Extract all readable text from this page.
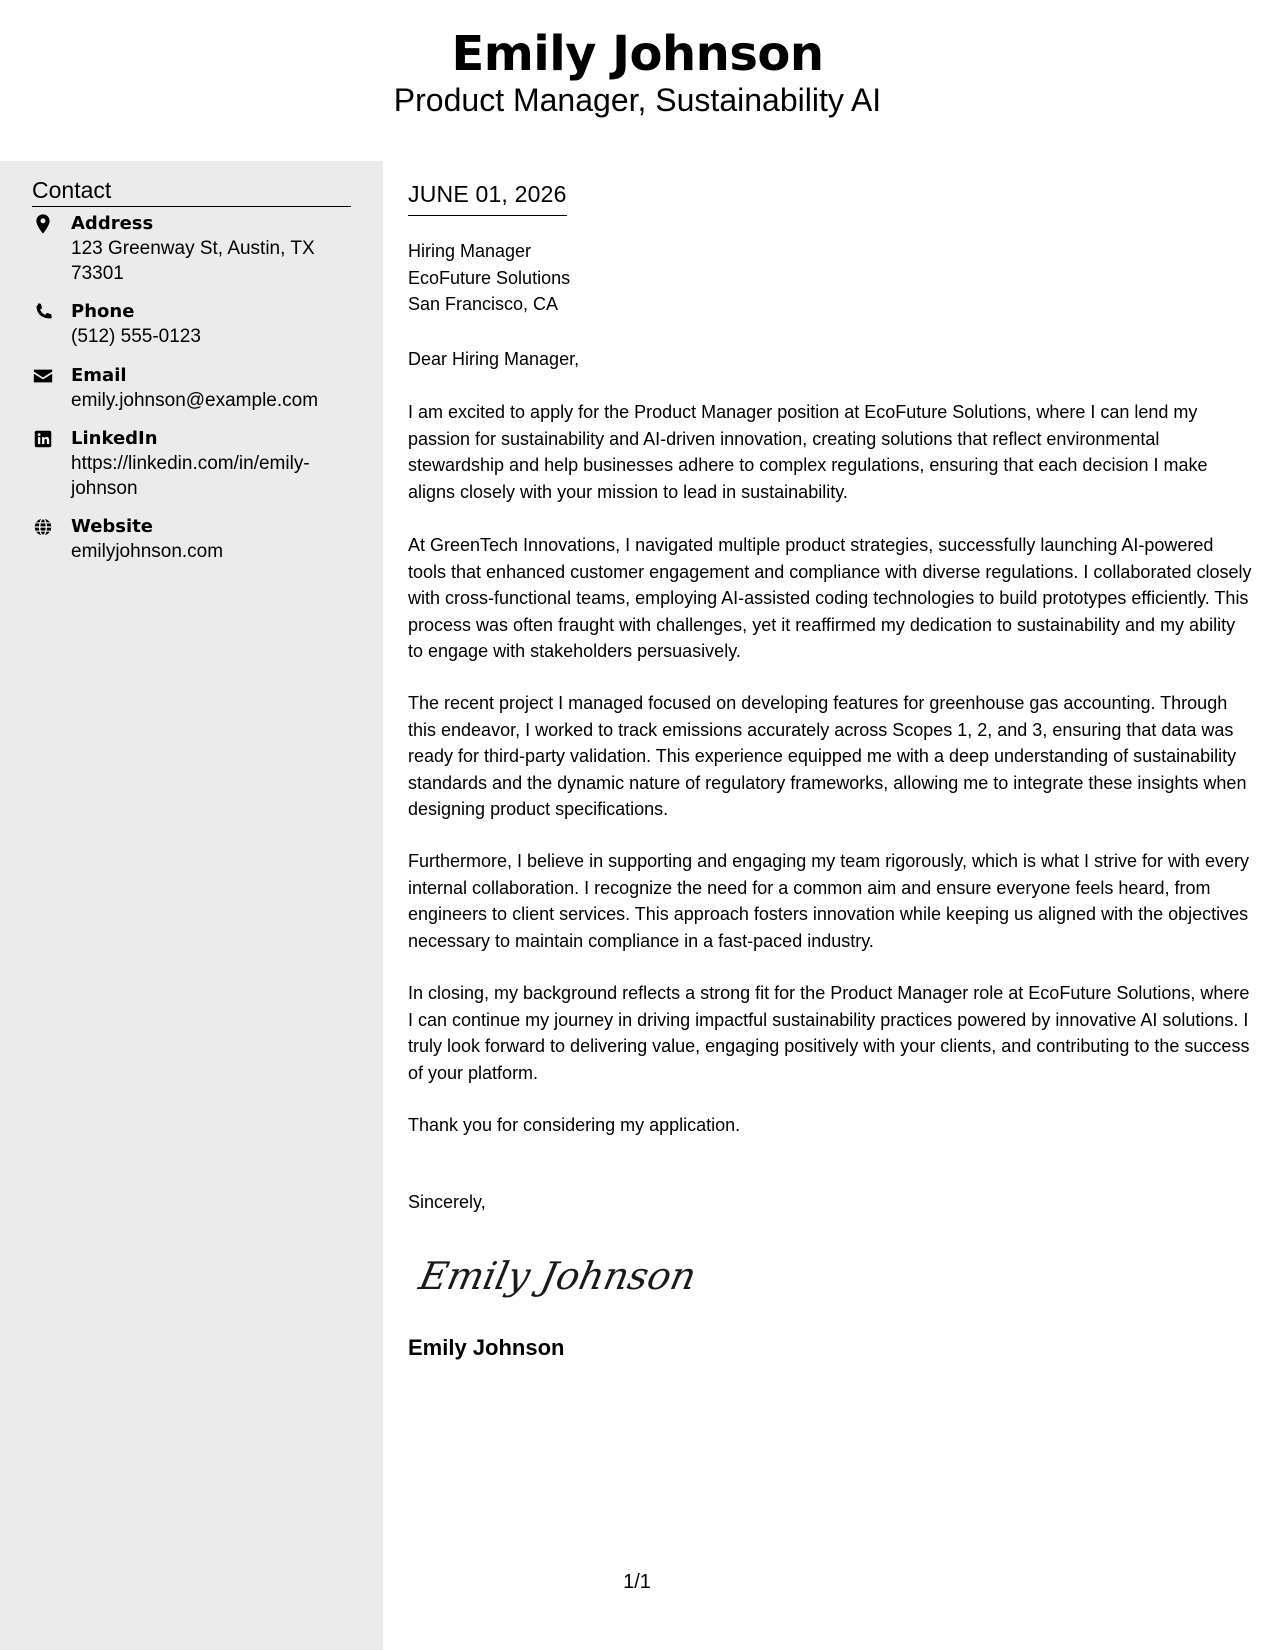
Emily Johnson
Product Manager, Sustainability AI
Contact
Address
123 Greenway St, Austin, TX 73301
Phone
(512) 555-0123
Email
emily.johnson@example.com
LinkedIn
https://linkedin.com/in/emily-johnson
Website
emilyjohnson.com
JUNE 01, 2026
Hiring Manager
EcoFuture Solutions
San Francisco, CA
Dear Hiring Manager,

I am excited to apply for the Product Manager position at EcoFuture Solutions, where I can lend my passion for sustainability and AI-driven innovation, creating solutions that reflect environmental stewardship and help businesses adhere to complex regulations, ensuring that each decision I make aligns closely with your mission to lead in sustainability.

At GreenTech Innovations, I navigated multiple product strategies, successfully launching AI-powered tools that enhanced customer engagement and compliance with diverse regulations. I collaborated closely with cross-functional teams, employing AI-assisted coding technologies to build prototypes efficiently. This process was often fraught with challenges, yet it reaffirmed my dedication to sustainability and my ability to engage with stakeholders persuasively.

The recent project I managed focused on developing features for greenhouse gas accounting. Through this endeavor, I worked to track emissions accurately across Scopes 1, 2, and 3, ensuring that data was ready for third-party validation. This experience equipped me with a deep understanding of sustainability standards and the dynamic nature of regulatory frameworks, allowing me to integrate these insights when designing product specifications.

Furthermore, I believe in supporting and engaging my team rigorously, which is what I strive for with every internal collaboration. I recognize the need for a common aim and ensure everyone feels heard, from engineers to client services. This approach fosters innovation while keeping us aligned with the objectives necessary to maintain compliance in a fast-paced industry.

In closing, my background reflects a strong fit for the Product Manager role at EcoFuture Solutions, where I can continue my journey in driving impactful sustainability practices powered by innovative AI solutions. I truly look forward to delivering value, engaging positively with your clients, and contributing to the success of your platform.

Thank you for considering my application.

Sincerely,
Emily Johnson
Emily Johnson
1/1
